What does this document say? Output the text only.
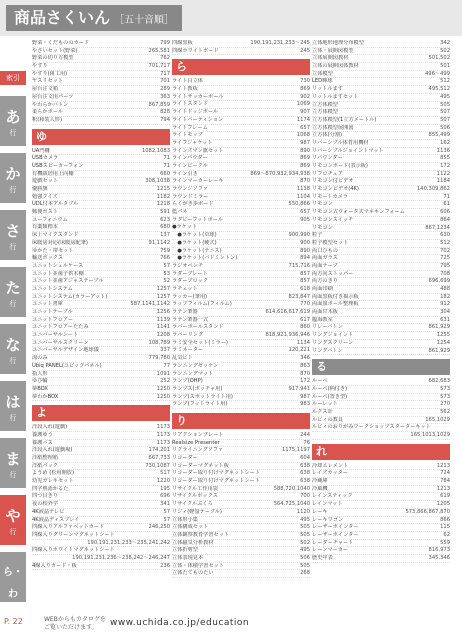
商品さくいん ［五十音順］
索引
あ
行
か
行
さ
行
た
行
な
行
は
行
ま
行
や
行
ら・わ
行
野菜・くだもののカード	799
やさいセット(野菜)	265,581
野菜の切り方模型	762
やすり	701,717
やすり(組工用)	717
ヤスリセット	701
屋台注文箱	289
屋台注文用パーツ	363
やわらかバトン	867,859
柔らかボール	828
釈(和装人形)	794
ゆ
UA門柵	1082,1083
USBカメラ	71
USBスピーカーフォン	71
有機栽培用上向棚	660
遊戯セット	308,1038
優勝旗	1215
勉強クイズ	1182
UDL付本アルタブル	1218
郵便ポスト	591
ユーフォニウム	623
有薬類標本	680
床上マイクスタンド	137
床暖房対応(床暖房配筆)	91,1142
ゆかた・帯セット	759
輸送ボックス	766
ユニットシェルケース	57
ユニット並歯子供木棚	53
ユニット並歯アジャステーブル	52
ユニットシステム	1257
ユニットシステム(カラーアット)	1257
ユニット書庫	587,1141,1142
ユニットテーブル	1256
ユニットフロアー	1139
ユニットフロアーたたみ	1141
ユニバーサルシート	1208
ユニバーサルスクリーン	108,789
ユニバーサルデザイン地球儀	337
湯のみ	779,780
Ubiq PANEL(ユビックパネル)	77
指人形	1091
ゆび輪	252
夢BOX	1250
夢わかBOX	1250
よ
洋段入れ(遊戯)	1173
養護ゆう	1173
養護バス	1173
洋段入れ(遊戯場)	174,201
洋紙整理箱	667,733
洋紙パック	730,1087
ようめ (松用開放)	517
幼児ガレキセット	1220
四字熟語かるた	195
四つ目きり	696
夜の校外学	341
4K液晶テレビ	57
4K液晶ディスプレイ	57
四線入りアルファベットカード	246,250
四線入りグリーンマグネットシート
190,191,231,233〜235,241,242
四線入りホワイトマグネットシート
190,191,231,236〜238,242〜246,247
4線入りカード・板	236
四線黒板	190,191,231,233〜245
四線ホワイトボード	245
ら
ライト白立体	730
ライト教板	869
ライトサッカーボール	902
ライトスタンド	1069
ライトドッジボール	907
ライトバーティション	1174
ライトフレーム	657
ライトモップ	1068
ライフジャケット	987
ラインズマン旗セット	890
ラインパウダー	869
ラインビークル	869
ライン引き	869〜870,932,934,938
ラインマーカーレーキ	870
ラウンジソファ	1138
ラウンドミラー	1104
らくがき歩ボード	550,866
藍パネ	657
ラグビーフットボール	905
●ラケット
　●ラケット(卓球)	900,990
　●ラケット(硬式)	900
　●ラケット(テニス)	890
　●ラケット(バドミントン)	894
ラジオペンチ	715,716
ラダーブレート	857
ラダーブロック	857
ラチェット	618
ラッカー(筆用)	823,847
ラップフィルム(フィルム)	770
ラテン楽器	614,616,617,619
ラテン楽器一式	617
ラバーボールスタンド	860
ラバーリング	818,921,936,946
ラミ安全セット(ミラー)	1134
ラミネーター	120,221
乱気ビト	346
ランニングゼッケン	863
ランニングマット	870
ランプ(OHP)	172
ランプス(ボッチャ用)	917,941
ランプ(スポットライト用)	987
ランプ(フットライト用)	983
り
リアクションプレート	244
Realsize Presenter	76
リクライニングソファ	1175,1197
リコーダー	604
リコーダーマグネット板	638
リコーダー取り付けマグネットシート	638
リコーダー取り付けマグネットシート	638
リサイクル工作用袋	588,720,1040
リサイクルボックス	700
リサイクルぶくろ	564,725,1040
リジィ(軽量テーブル)	1120
立体形小集	495
立体構成セット	505
立体観察教育学習セット	505
立体磁気分析教材	502
立体折剪型	495
立体表現見本	506
立体・体積学習セット	505
立体たてものたい	268
立体地形地理分布模型	342
立体・展開図模型	502
立体展開図教材	501,502
立体の展開図体教材	501
立体模型	496〜499
LED輝球	512
リットルます	495,512
リットルますセット	495
立方体模型	505
立方体模型	507
立方体模型(1立方メートル)	507
立方体模型展開図	506
立方体(分割)	855,499
リバーシブル体育用機材	162
リバーシブルジョイントマット	1136
リバウンダー	855
リモコンボード(表示板)	172
リフロチェア	1122
リモコン付ビデオ	1184
リモコンビデオ(4K)	140,309,862
リモートカメラ	71
リモコン	61
リモコン式ウォータ式マネキンフォーム	606
リモコンスイッチ	864
リモコン	867,1234
粒子	630
粒子模型セット	512
両口ひもの	702
両面ガラス	725
両面テープ	795
両方向ストッパー	708
両方のきり	696,699
両面印刷	488
両面黒板付き掲示板	182
両面皿ボール整理板	912
両面甘木板	304
臨海教室	631
リレーバトン	861,929
リングジョイント	1255
リングスクリーン	1254
リングバトン	861,929
る
ルーペ	682,683
ルーペ(柄付き)	573
ルーペ(置き型)	573
ルーレット	270
ルクス計	562
ルビィの教具	165,1029
ルビィのおりがみワークショップスターターキット
165,1013,1029
れ
冷却エレメント	1213
レイズカッター	724
冷蔵庫	784
冷風機	1213
レインスティック	619
レインマット	1205
レーキ	573,866,867,870
レーキワゴン	866
レーザーポインター	115
レーザーポインター	62
レーダーチャート	559
レーンマーカー	816,973
歴史年表	345,346
P. 22	WEBからもカタログを
ご覧いただけます。	www.uchida.co.jp/education
